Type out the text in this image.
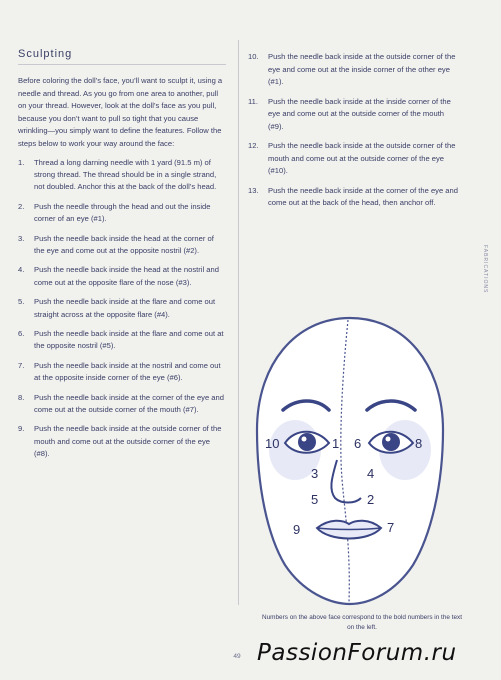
Sculpting

Before coloring the doll’s face, you’ll want to sculpt it, using a needle and thread. As you go from one area to another, pull on your thread. However, look at the doll’s face as you pull, because you don’t want to pull so tight that you cause wrinkling—you simply want to define the features. Follow the steps below to work your way around the face:

1.	Thread a long darning needle with 1 yard (91.5 m) of strong thread. The thread should be in a single strand, not doubled. Anchor this at the back of the doll’s head.
2.	Push the needle through the head and out the inside corner of an eye (#1).
3.	Push the needle back inside the head at the corner of the eye and come out at the opposite nostril (#2).
4.	Push the needle back inside the head at the nostril and come out at the opposite flare of the nose (#3).
5.	Push the needle back inside at the flare and come out straight across at the opposite flare (#4).
6.	Push the needle back inside at the flare and come out at the opposite nostril (#5).
7.	Push the needle back inside at the nostril and come out at the opposite inside corner of the eye (#6).
8.	Push the needle back inside at the corner of the eye and come out at the outside corner of the mouth (#7).
9.	Push the needle back inside at the outside corner of the mouth and come out at the outside corner of the eye (#8).
10.	Push the needle back inside at the outside corner of the eye and come out at the inside corner of the other eye (#1).
11.	Push the needle back inside at the inside corner of the eye and come out at the outside corner of the mouth (#9).
12.	Push the needle back inside at the outside corner of the mouth and come out at the outside corner of the eye (#10).
13.	Push the needle back inside at the corner of the eye and come out at the back of the head, then anchor off.
FABRICATIONS
10	1 6	8
3	4
5	2
9	7
Numbers on the above face correspond to the bold numbers in the text on the left.
49 PassionForum.ru
